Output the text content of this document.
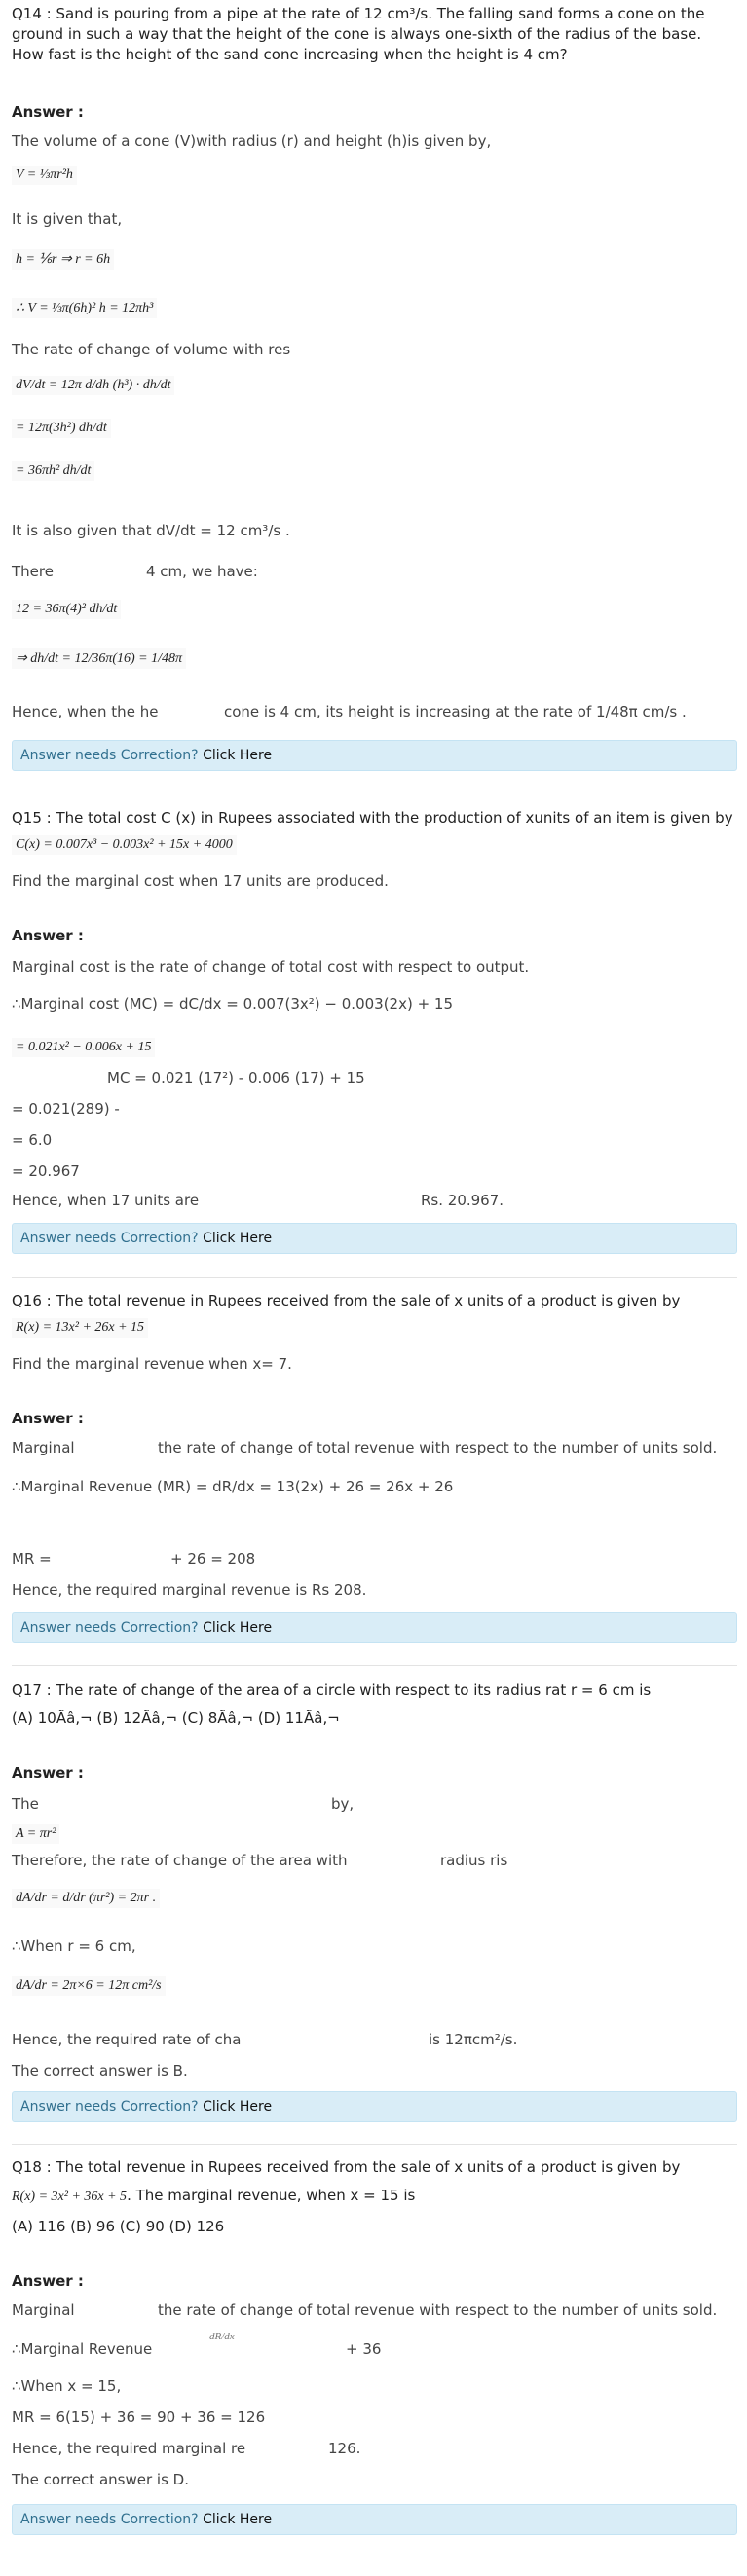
Q14 : Sand is pouring from a pipe at the rate of 12 cm³/s. The falling sand forms a cone on the ground in such a way that the height of the cone is always one-sixth of the radius of the base. How fast is the height of the sand cone increasing when the height is 4 cm?
Answer :
The volume of a cone (V)with radius (r) and height (h)is given by,
V = ⅓πr²h
It is given that,
h = ⅙r ⇒ r = 6h
∴ V = ⅓π(6h)² h = 12πh³
The rate of change of volume with res
dV/dt = 12π d/dh (h³) · dh/dt
= 12π(3h²) dh/dt
= 36πh² dh/dt
It is also given that dV/dt = 12 cm³/s .
There	4 cm, we have:
12 = 36π(4)² dh/dt
⇒ dh/dt = 12/36π(16) = 1/48π
Hence, when the he	cone is 4 cm, its height is increasing at the rate of 1/48π cm/s .
Answer needs Correction? Click Here
Q15 : The total cost C (x) in Rupees associated with the production of xunits of an item is given by
C(x) = 0.007x³ − 0.003x² + 15x + 4000
Find the marginal cost when 17 units are produced.
Answer :
Marginal cost is the rate of change of total cost with respect to output.
∴Marginal cost (MC) = dC/dx = 0.007(3x²) − 0.003(2x) + 15
= 0.021x² − 0.006x + 15
MC = 0.021 (17²) - 0.006 (17) + 15
= 0.021(289) -
= 6.0
= 20.967
Hence, when 17 units are	Rs. 20.967.
Answer needs Correction? Click Here
Q16 : The total revenue in Rupees received from the sale of x units of a product is given by
R(x) = 13x² + 26x + 15
Find the marginal revenue when x= 7.
Answer :
Marginal	the rate of change of total revenue with respect to the number of units sold.
∴Marginal Revenue (MR) = dR/dx = 13(2x) + 26 = 26x + 26
MR =	+ 26 = 208
Hence, the required marginal revenue is Rs 208.
Answer needs Correction? Click Here
Q17 : The rate of change of the area of a circle with respect to its radius rat r = 6 cm is
(A) 10Ãâ‚¬ (B) 12Ãâ‚¬ (C) 8Ãâ‚¬ (D) 11Ãâ‚¬
Answer :
The	by,
A = πr²
Therefore, the rate of change of the area with	radius ris
dA/dr = d/dr (πr²) = 2πr .
∴When r = 6 cm,
dA/dr = 2π×6 = 12π cm²/s
Hence, the required rate of cha	is 12πcm²/s.
The correct answer is B.
Answer needs Correction? Click Here
Q18 : The total revenue in Rupees received from the sale of x units of a product is given by
R(x) = 3x² + 36x + 5. The marginal revenue, when x = 15 is
(A) 116 (B) 96 (C) 90 (D) 126
Answer :
Marginal	the rate of change of total revenue with respect to the number of units sold.
∴Marginal Revenue
dR/dx
+ 36
∴When x = 15,
MR = 6(15) + 36 = 90 + 36 = 126
Hence, the required marginal re	126.
The correct answer is D.
Answer needs Correction? Click Here
